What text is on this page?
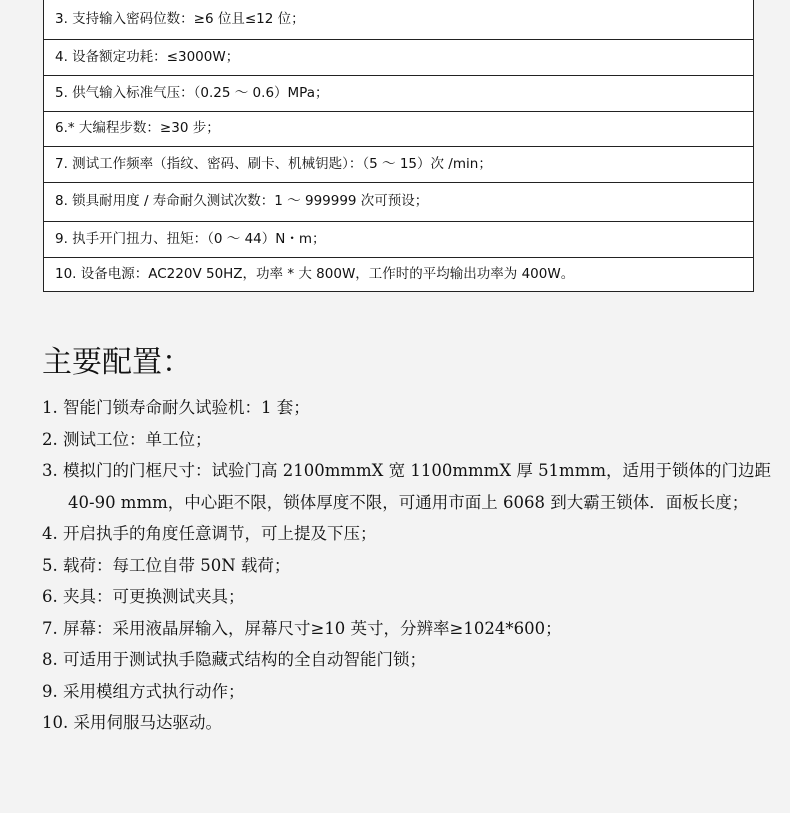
3. 支持输入密码位数：≥6 位且≤12 位；
4. 设备额定功耗：≤3000W；
5. 供气输入标准气压：（0.25 ～ 0.6）MPa；
6.* 大编程步数：≥30 步；
7. 测试工作频率（指纹、密码、刷卡、机械钥匙）：（5 ～ 15）次 /min；
8. 锁具耐用度 / 寿命耐久测试次数：1 ～ 999999 次可预设；
9. 执手开门扭力、扭矩：（0 ～ 44）N・m；
10. 设备电源：AC220V 50HZ，功率 * 大 800W，工作时的平均输出功率为 400W。
主要配置：
1. 智能门锁寿命耐久试验机：1 套；
2. 测试工位：单工位；
3. 模拟门的门框尺寸：试验门高 2100mmmX 宽 1100mmmX 厚 51mmm，适用于锁体的门边距
40-90 mmm，中心距不限，锁体厚度不限，可通用市面上 6068 到大霸王锁体．面板长度；
4. 开启执手的角度任意调节，可上提及下压；
5. 载荷：每工位自带 50N 载荷；
6. 夹具：可更换测试夹具；
7. 屏幕：采用液晶屏输入，屏幕尺寸≥10 英寸，分辨率≥1024*600；
8. 可适用于测试执手隐藏式结构的全自动智能门锁；
9. 采用模组方式执行动作；
10. 采用伺服马达驱动。
